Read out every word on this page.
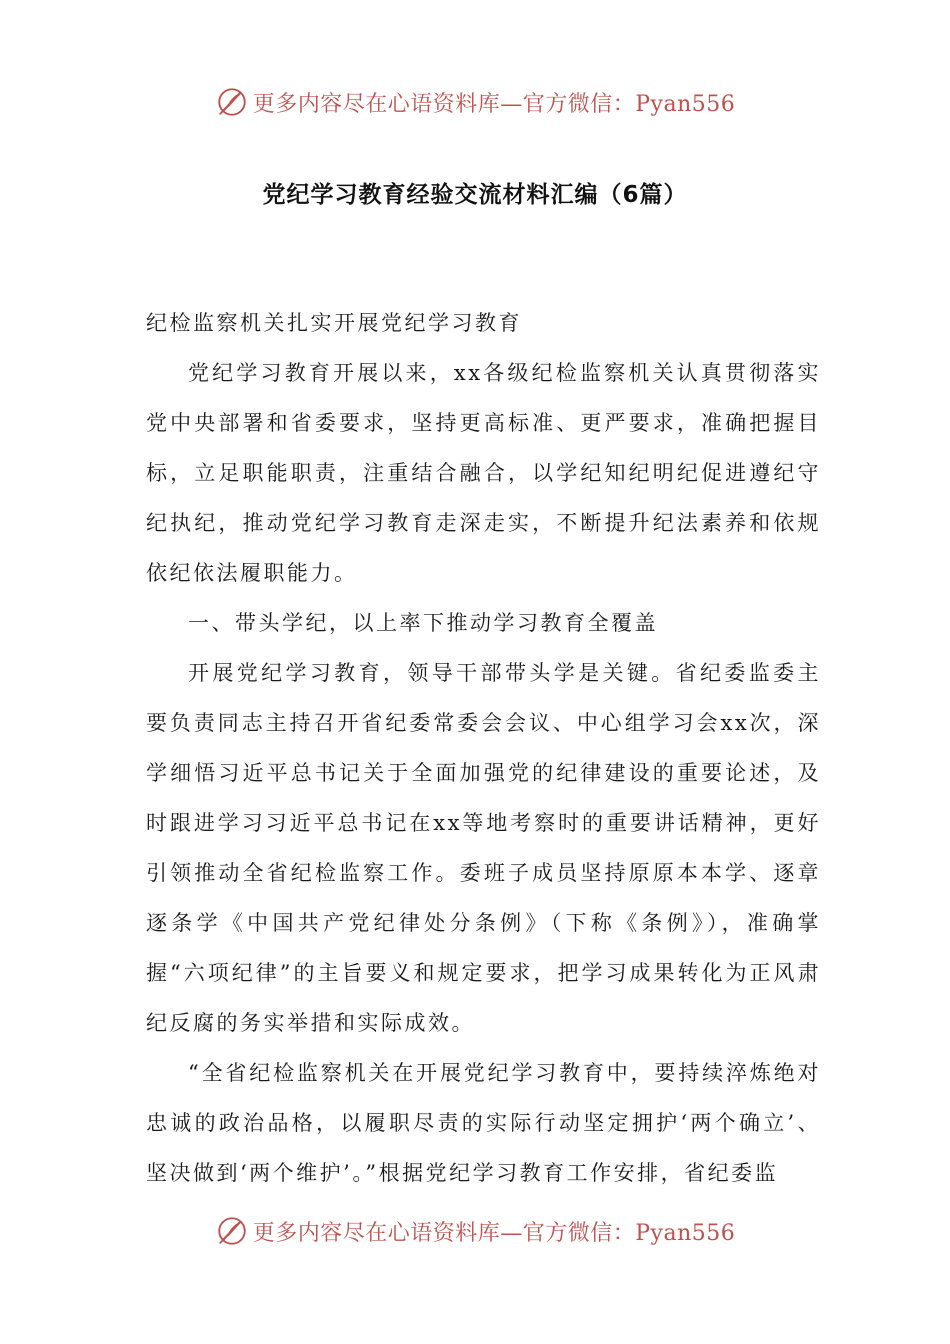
更多内容尽在心语资料库—官方微信：Pyan556
党纪学习教育经验交流材料汇编（6篇）

纪检监察机关扎实开展党纪学习教育

党纪学习教育开展以来，xx各级纪检监察机关认真贯彻落实党中央部署和省委要求，坚持更高标准、更严要求，准确把握目标，立足职能职责，注重结合融合，以学纪知纪明纪促进遵纪守纪执纪，推动党纪学习教育走深走实，不断提升纪法素养和依规依纪依法履职能力。

一、带头学纪，以上率下推动学习教育全覆盖

开展党纪学习教育，领导干部带头学是关键。省纪委监委主要负责同志主持召开省纪委常委会会议、中心组学习会xx次，深学细悟习近平总书记关于全面加强党的纪律建设的重要论述，及时跟进学习习近平总书记在xx等地考察时的重要讲话精神，更好引领推动全省纪检监察工作。委班子成员坚持原原本本学、逐章逐条学《中国共产党纪律处分条例》（下称《条例》），准确掌握“六项纪律”的主旨要义和规定要求，把学习成果转化为正风肃纪反腐的务实举措和实际成效。

“全省纪检监察机关在开展党纪学习教育中，要持续淬炼绝对忠诚的政治品格，以履职尽责的实际行动坚定拥护‘两个确立’、坚决做到‘两个维护’。”根据党纪学习教育工作安排，省纪委监

更多内容尽在心语资料库—官方微信：Pyan556
